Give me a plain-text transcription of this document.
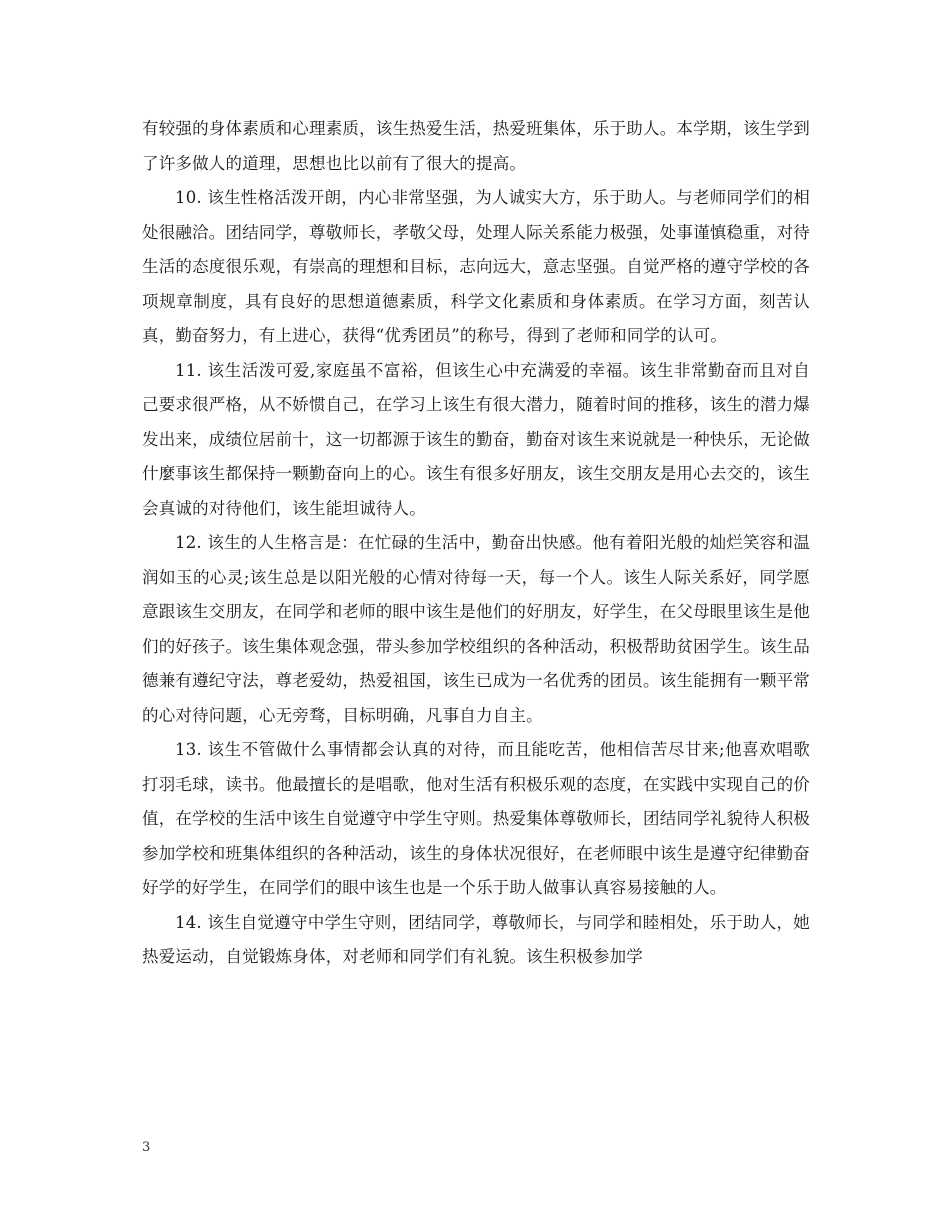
有较强的身体素质和心理素质，该生热爱生活，热爱班集体，乐于助人。本学期，该生学到了许多做人的道理，思想也比以前有了很大的提高。

10. 该生性格活泼开朗，内心非常坚强，为人诚实大方，乐于助人。与老师同学们的相处很融洽。团结同学，尊敬师长，孝敬父母，处理人际关系能力极强，处事谨慎稳重，对待生活的态度很乐观，有崇高的理想和目标，志向远大，意志坚强。自觉严格的遵守学校的各项规章制度，具有良好的思想道德素质，科学文化素质和身体素质。在学习方面，刻苦认真，勤奋努力，有上进心，获得“优秀团员”的称号，得到了老师和同学的认可。

11. 该生活泼可爱,家庭虽不富裕，但该生心中充满爱的幸福。该生非常勤奋而且对自己要求很严格，从不娇惯自己，在学习上该生有很大潜力，随着时间的推移，该生的潜力爆发出来，成绩位居前十，这一切都源于该生的勤奋，勤奋对该生来说就是一种快乐，无论做什麼事该生都保持一颗勤奋向上的心。该生有很多好朋友，该生交朋友是用心去交的，该生会真诚的对待他们，该生能坦诚待人。

12. 该生的人生格言是：在忙碌的生活中，勤奋出快感。他有着阳光般的灿烂笑容和温润如玉的心灵;该生总是以阳光般的心情对待每一天，每一个人。该生人际关系好，同学愿意跟该生交朋友，在同学和老师的眼中该生是他们的好朋友，好学生，在父母眼里该生是他们的好孩子。该生集体观念强，带头参加学校组织的各种活动，积极帮助贫困学生。该生品德兼有遵纪守法，尊老爱幼，热爱祖国，该生已成为一名优秀的团员。该生能拥有一颗平常的心对待问题，心无旁骛，目标明确，凡事自力自主。

13. 该生不管做什么事情都会认真的对待，而且能吃苦，他相信苦尽甘来;他喜欢唱歌打羽毛球，读书。他最擅长的是唱歌，他对生活有积极乐观的态度，在实践中实现自己的价值，在学校的生活中该生自觉遵守中学生守则。热爱集体尊敬师长，团结同学礼貌待人积极参加学校和班集体组织的各种活动，该生的身体状况很好，在老师眼中该生是遵守纪律勤奋好学的好学生，在同学们的眼中该生也是一个乐于助人做事认真容易接触的人。

14. 该生自觉遵守中学生守则，团结同学，尊敬师长，与同学和睦相处，乐于助人，她热爱运动，自觉锻炼身体，对老师和同学们有礼貌。该生积极参加学

3
